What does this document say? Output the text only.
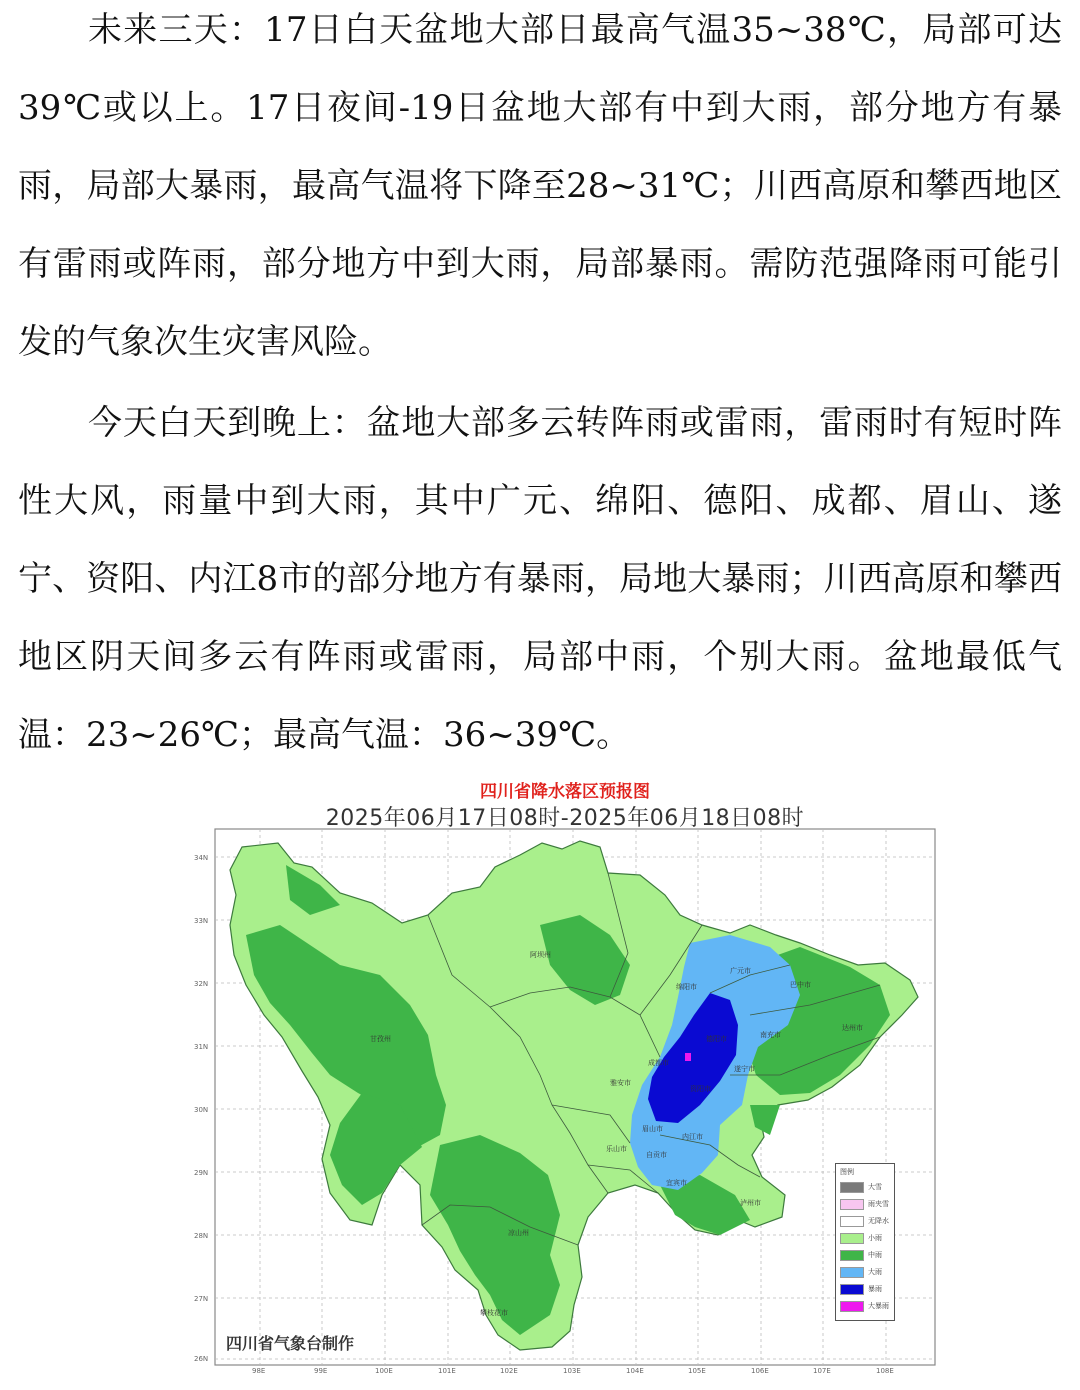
未来三天：17日白天盆地大部日最高气温35~38℃，局部可达39℃或以上。17日夜间-19日盆地大部有中到大雨，部分地方有暴雨，局部大暴雨，最高气温将下降至28~31℃；川西高原和攀西地区有雷雨或阵雨，部分地方中到大雨，局部暴雨。需防范强降雨可能引发的气象次生灾害风险。

今天白天到晚上：盆地大部多云转阵雨或雷雨，雷雨时有短时阵性大风，雨量中到大雨，其中广元、绵阳、德阳、成都、眉山、遂宁、资阳、内江8市的部分地方有暴雨，局地大暴雨；川西高原和攀西地区阴天间多云有阵雨或雷雨，局部中雨，个别大雨。盆地最低气温：23~26℃；最高气温：36~39℃。

34N
33N
32N
31N
30N
29N
28N
27N
26N
98E	99E	100E	101E	102E	103E	104E	105E	106E	107E	108E
阿坝州
广元市
巴中市
甘孜州
绵阳市
南充市
达州市
德阳市
成都市
遂宁市
雅安市
眉山市
资阳市
乐山市
内江市
自贡市
宜宾市
泸州市
凉山州
攀枝花市
四川省降水落区预报图
2025年06月17日08时-2025年06月18日08时
四川省气象台制作
图例
大雪
雨夹雪
无降水
小雨
中雨
大雨
暴雨
大暴雨
